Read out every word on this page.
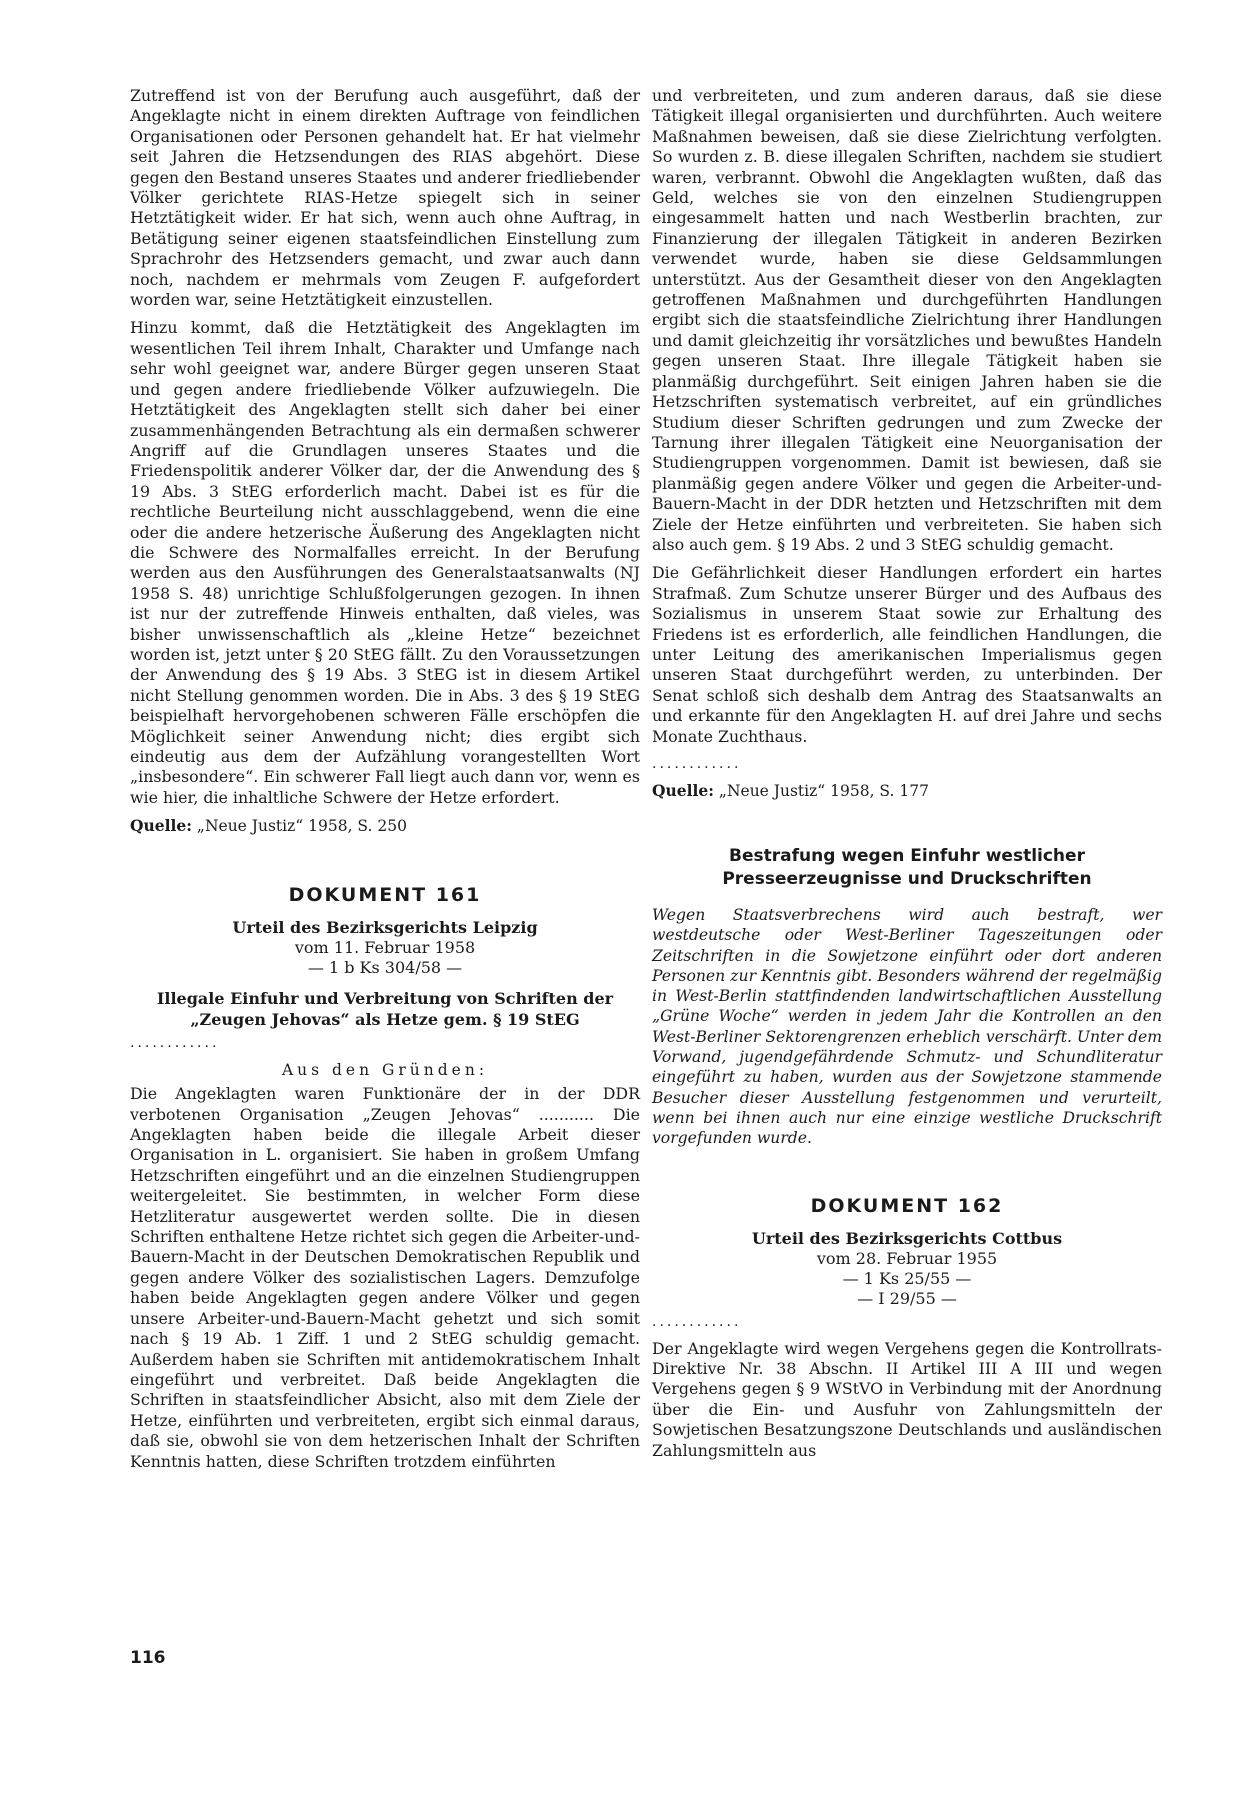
Zutreffend ist von der Berufung auch ausgeführt, daß der Angeklagte nicht in einem direkten Auftrage von feindlichen Organisationen oder Personen gehandelt hat. Er hat vielmehr seit Jahren die Hetzsendungen des RIAS abgehört. Diese gegen den Bestand unseres Staates und anderer friedliebender Völker gerichtete RIAS-Hetze spiegelt sich in seiner Hetztätigkeit wider. Er hat sich, wenn auch ohne Auftrag, in Betätigung seiner eigenen staatsfeindlichen Einstellung zum Sprachrohr des Hetzsenders gemacht, und zwar auch dann noch, nachdem er mehrmals vom Zeugen F. aufgefordert worden war, seine Hetztätigkeit einzustellen.

Hinzu kommt, daß die Hetztätigkeit des Angeklagten im wesentlichen Teil ihrem Inhalt, Charakter und Umfange nach sehr wohl geeignet war, andere Bürger gegen unseren Staat und gegen andere friedliebende Völker aufzuwiegeln. Die Hetztätigkeit des Angeklagten stellt sich daher bei einer zusammenhängenden Betrachtung als ein dermaßen schwerer Angriff auf die Grundlagen unseres Staates und die Friedenspolitik anderer Völker dar, der die Anwendung des § 19 Abs. 3 StEG erforderlich macht. Dabei ist es für die rechtliche Beurteilung nicht ausschlaggebend, wenn die eine oder die andere hetzerische Äußerung des Angeklagten nicht die Schwere des Normalfalles erreicht. In der Berufung werden aus den Ausführungen des Generalstaatsanwalts (NJ 1958 S. 48) unrichtige Schlußfolgerungen gezogen. In ihnen ist nur der zutreffende Hinweis enthalten, daß vieles, was bisher unwissenschaftlich als „kleine Hetze“ bezeichnet worden ist, jetzt unter § 20 StEG fällt. Zu den Voraussetzungen der Anwendung des § 19 Abs. 3 StEG ist in diesem Artikel nicht Stellung genommen worden. Die in Abs. 3 des § 19 StEG beispielhaft hervorgehobenen schweren Fälle erschöpfen die Möglichkeit seiner Anwendung nicht; dies ergibt sich eindeutig aus dem der Aufzählung vorangestellten Wort „insbesondere“. Ein schwerer Fall liegt auch dann vor, wenn es wie hier, die inhaltliche Schwere der Hetze erfordert.

Quelle: „Neue Justiz“ 1958, S. 250
DOKUMENT 161
Urteil des Bezirksgerichts Leipzig
vom 11. Februar 1958
— 1 b Ks 304/58 —
Illegale Einfuhr und Verbreitung von Schriften der „Zeugen Jehovas“ als Hetze gem. § 19 StEG
............
Aus den Gründen:

Die Angeklagten waren Funktionäre der in der DDR verbotenen Organisation „Zeugen Jehovas“ ........... Die Angeklagten haben beide die illegale Arbeit dieser Organisation in L. organisiert. Sie haben in großem Umfang Hetzschriften eingeführt und an die einzelnen Studiengruppen weitergeleitet. Sie bestimmten, in welcher Form diese Hetzliteratur ausgewertet werden sollte. Die in diesen Schriften enthaltene Hetze richtet sich gegen die Arbeiter-und-Bauern-Macht in der Deutschen Demokratischen Republik und gegen andere Völker des sozialistischen Lagers. Demzufolge haben beide Angeklagten gegen andere Völker und gegen unsere Arbeiter-und-Bauern-Macht gehetzt und sich somit nach § 19 Ab. 1 Ziff. 1 und 2 StEG schuldig gemacht. Außerdem haben sie Schriften mit antidemokratischem Inhalt eingeführt und verbreitet. Daß beide Angeklagten die Schriften in staatsfeindlicher Absicht, also mit dem Ziele der Hetze, einführten und verbreiteten, ergibt sich einmal daraus, daß sie, obwohl sie von dem hetzerischen Inhalt der Schriften Kenntnis hatten, diese Schriften trotzdem einführten

und verbreiteten, und zum anderen daraus, daß sie diese Tätigkeit illegal organisierten und durchführten. Auch weitere Maßnahmen beweisen, daß sie diese Zielrichtung verfolgten. So wurden z. B. diese illegalen Schriften, nachdem sie studiert waren, verbrannt. Obwohl die Angeklagten wußten, daß das Geld, welches sie von den einzelnen Studiengruppen eingesammelt hatten und nach Westberlin brachten, zur Finanzierung der illegalen Tätigkeit in anderen Bezirken verwendet wurde, haben sie diese Geldsammlungen unterstützt. Aus der Gesamtheit dieser von den Angeklagten getroffenen Maßnahmen und durchgeführten Handlungen ergibt sich die staatsfeindliche Zielrichtung ihrer Handlungen und damit gleichzeitig ihr vorsätzliches und bewußtes Handeln gegen unseren Staat. Ihre illegale Tätigkeit haben sie planmäßig durchgeführt. Seit einigen Jahren haben sie die Hetzschriften systematisch verbreitet, auf ein gründliches Studium dieser Schriften gedrungen und zum Zwecke der Tarnung ihrer illegalen Tätigkeit eine Neuorganisation der Studiengruppen vorgenommen. Damit ist bewiesen, daß sie planmäßig gegen andere Völker und gegen die Arbeiter-und-Bauern-Macht in der DDR hetzten und Hetzschriften mit dem Ziele der Hetze einführten und verbreiteten. Sie haben sich also auch gem. § 19 Abs. 2 und 3 StEG schuldig gemacht.

Die Gefährlichkeit dieser Handlungen erfordert ein hartes Strafmaß. Zum Schutze unserer Bürger und des Aufbaus des Sozialismus in unserem Staat sowie zur Erhaltung des Friedens ist es erforderlich, alle feindlichen Handlungen, die unter Leitung des amerikanischen Imperialismus gegen unseren Staat durchgeführt werden, zu unterbinden. Der Senat schloß sich deshalb dem Antrag des Staatsanwalts an und erkannte für den Angeklagten H. auf drei Jahre und sechs Monate Zuchthaus.

............
Quelle: „Neue Justiz“ 1958, S. 177
Bestrafung wegen Einfuhr westlicher Presseerzeugnisse und Druckschriften

Wegen Staatsverbrechens wird auch bestraft, wer westdeutsche oder West-Berliner Tageszeitungen oder Zeitschriften in die Sowjetzone einführt oder dort anderen Personen zur Kenntnis gibt. Besonders während der regelmäßig in West-Berlin stattfindenden landwirtschaftlichen Ausstellung „Grüne Woche“ werden in jedem Jahr die Kontrollen an den West-Berliner Sektorengrenzen erheblich verschärft. Unter dem Vorwand, jugendgefährdende Schmutz- und Schundliteratur eingeführt zu haben, wurden aus der Sowjetzone stammende Besucher dieser Ausstellung festgenommen und verurteilt, wenn bei ihnen auch nur eine einzige westliche Druckschrift vorgefunden wurde.

DOKUMENT 162
Urteil des Bezirksgerichts Cottbus
vom 28. Februar 1955
— 1 Ks 25/55 —
— I 29/55 —
............

Der Angeklagte wird wegen Vergehens gegen die Kontrollrats-Direktive Nr. 38 Abschn. II Artikel III A III und wegen Vergehens gegen § 9 WStVO in Verbindung mit der Anordnung über die Ein- und Ausfuhr von Zahlungsmitteln der Sowjetischen Besatzungszone Deutschlands und ausländischen Zahlungsmitteln aus

116
